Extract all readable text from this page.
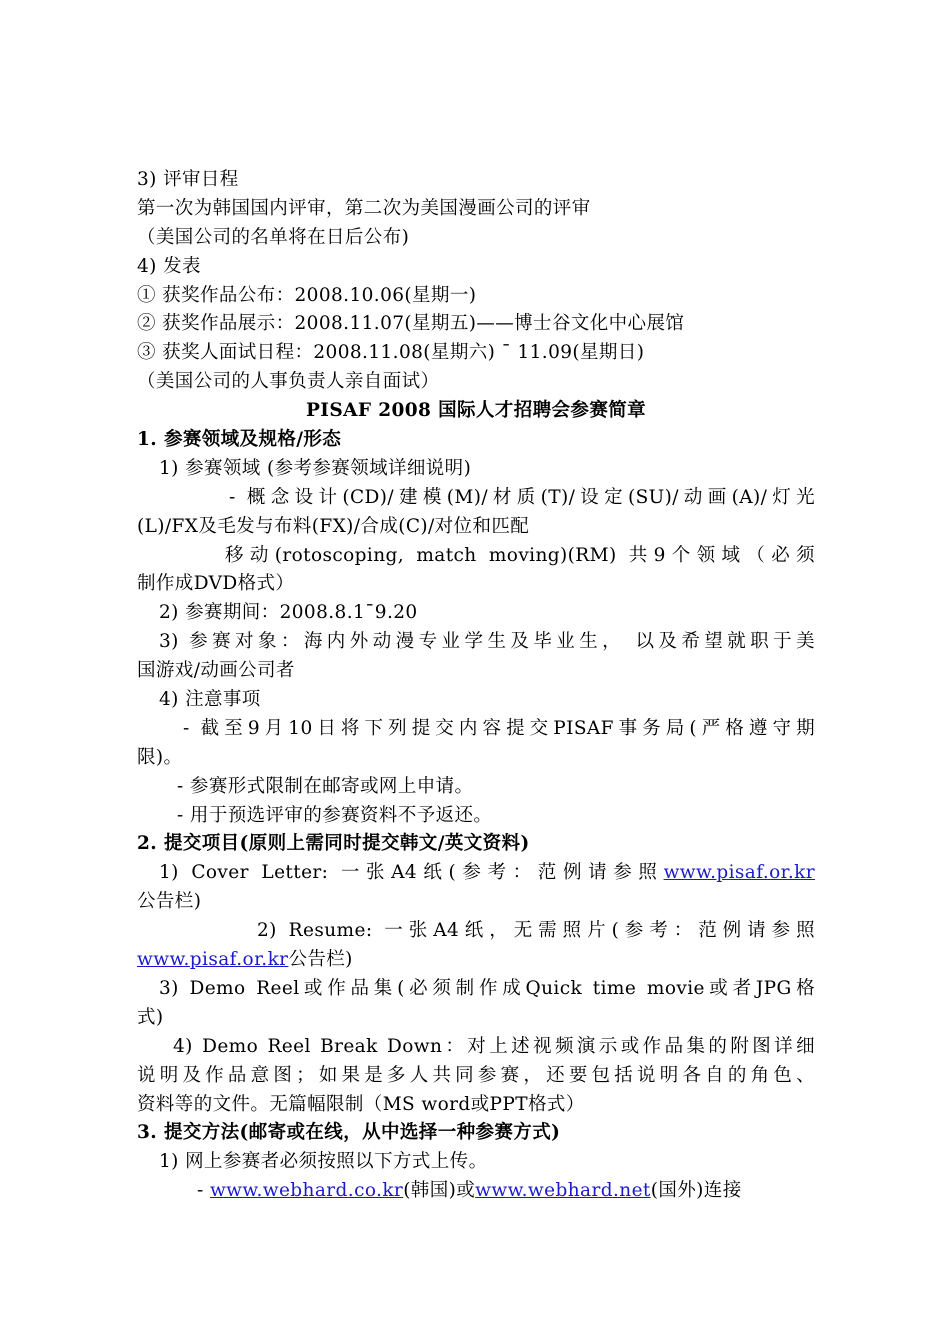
3) 评审日程
第一次为韩国国内评审，第二次为美国漫画公司的评审
（美国公司的名单将在日后公布)
4) 发表
① 获奖作品公布：2008.10.06(星期一)
② 获奖作品展示：2008.11.07(星期五)——博士谷文化中心展馆
③ 获奖人面试日程：2008.11.08(星期六) ¯ 11.09(星期日)
（美国公司的人事负责人亲自面试）
PISAF 2008 国际人才招聘会参赛简章
1. 参赛领域及规格/形态
1) 参赛领域 (参考参赛领域详细说明)
- 概念设计(CD)/建模(M)/材质(T)/设定(SU)/动画(A)/灯光
(L)/FX及毛发与布料(FX)/合成(C)/对位和匹配
移动(rotoscoping, match moving)(RM) 共9个领域（必须
制作成DVD格式）
2) 参赛期间：2008.8.1¯9.20
3) 参赛对象：海内外动漫专业学生及毕业生， 以及希望就职于美
国游戏/动画公司者
4) 注意事项
- 截至9月10日将下列提交内容提交PISAF事务局(严格遵守期
限)。
- 参赛形式限制在邮寄或网上申请。
- 用于预选评审的参赛资料不予返还。
2. 提交项目(原则上需同时提交韩文/英文资料)
1) Cover Letter: 一张A4纸(参考：范例请参照www.pisaf.or.kr
公告栏)
2) Resume: 一张A4纸，无需照片(参考：范例请参照
www.pisaf.or.kr公告栏)
3) Demo Reel或作品集(必须制作成Quick time movie或者JPG格
式)
4) Demo Reel Break Down：对上述视频演示或作品集的附图详细
说明及作品意图；如果是多人共同参赛，还要包括说明各自的角色、
资料等的文件。无篇幅限制（MS word或PPT格式）
3. 提交方法(邮寄或在线，从中选择一种参赛方式)
1) 网上参赛者必须按照以下方式上传。
- www.webhard.co.kr(韩国)或www.webhard.net(国外)连接
